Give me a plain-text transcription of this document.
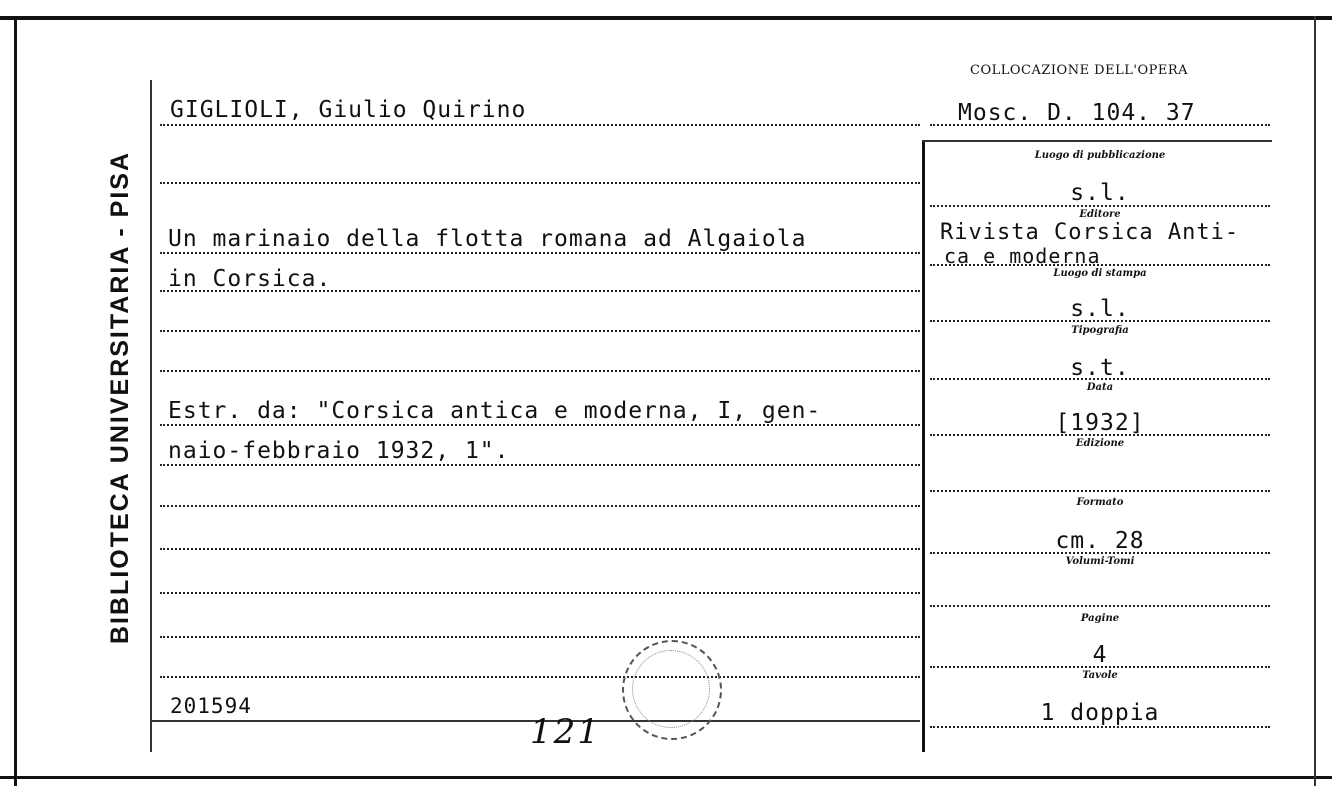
BIBLIOTECA UNIVERSITARIA - PISA
COLLOCAZIONE DELL'OPERA
Mosc. D. 104. 37
GIGLIOLI, Giulio Quirino
Un marinaio della flotta romana ad Algaiola
in Corsica.
Estr. da: "Corsica antica e moderna, I, gen-
naio-febbraio 1932, 1".
201594
121
Luogo di pubblicazione
s.l.
Editore
Rivista Corsica Anti-
ca e moderna
Luogo di stampa
s.l.
Tipografia
s.t.
Data
[1932]
Edizione
Formato
cm. 28
Volumi-Tomi
Pagine
4
Tavole
1 doppia
